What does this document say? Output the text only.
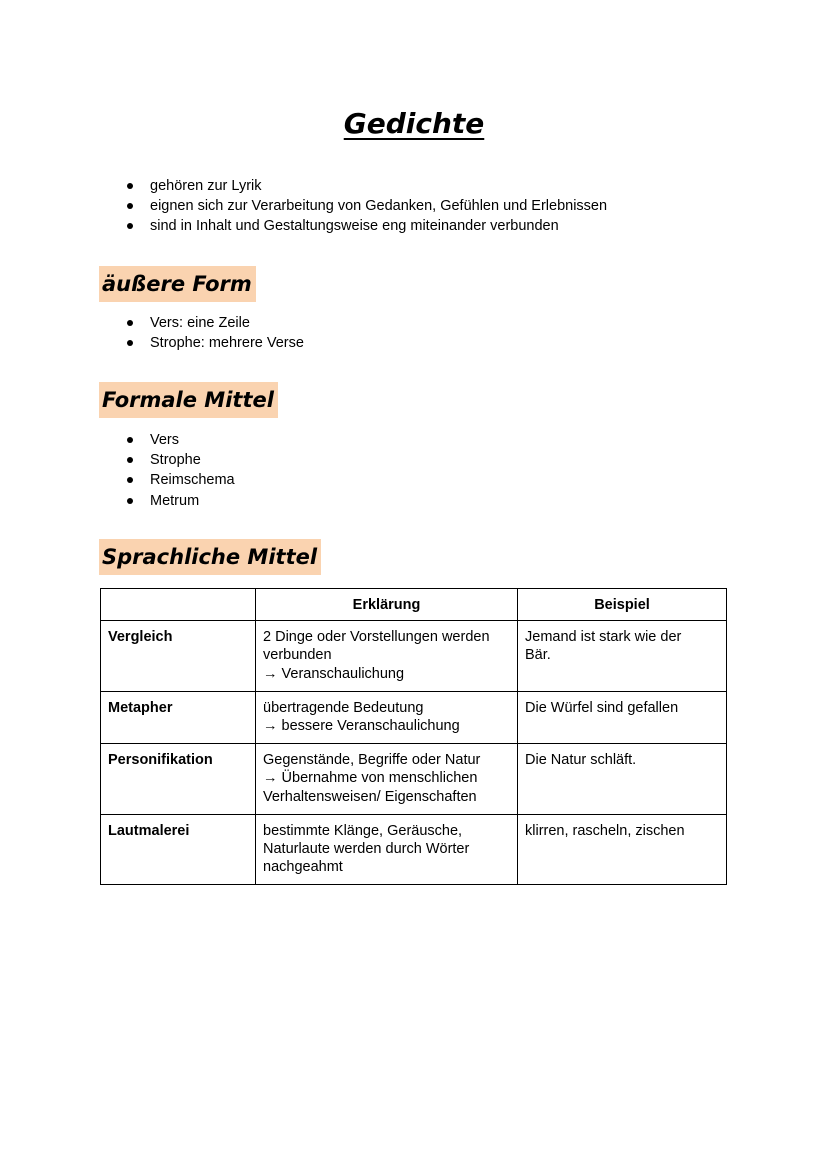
Gedichte
gehören zur Lyrik
eignen sich zur Verarbeitung von Gedanken, Gefühlen und Erlebnissen
sind in Inhalt und Gestaltungsweise eng miteinander verbunden
äußere Form
Vers: eine Zeile
Strophe: mehrere Verse
Formale Mittel
Vers
Strophe
Reimschema
Metrum
Sprachliche Mittel
	Erklärung	Beispiel
Vergleich	2 Dinge oder Vorstellungen werden
verbunden
→ Veranschaulichung	Jemand ist stark wie der
Bär.

Metapher	übertragende Bedeutung
→ bessere Veranschaulichung	Die Würfel sind gefallen

Personifikation	Gegenstände, Begriffe oder Natur
→ Übernahme von menschlichen
Verhaltensweisen/ Eigenschaften	Die Natur schläft.

Lautmalerei	bestimmte Klänge, Geräusche,
Naturlaute werden durch Wörter
nachgeahmt	klirren, rascheln, zischen
